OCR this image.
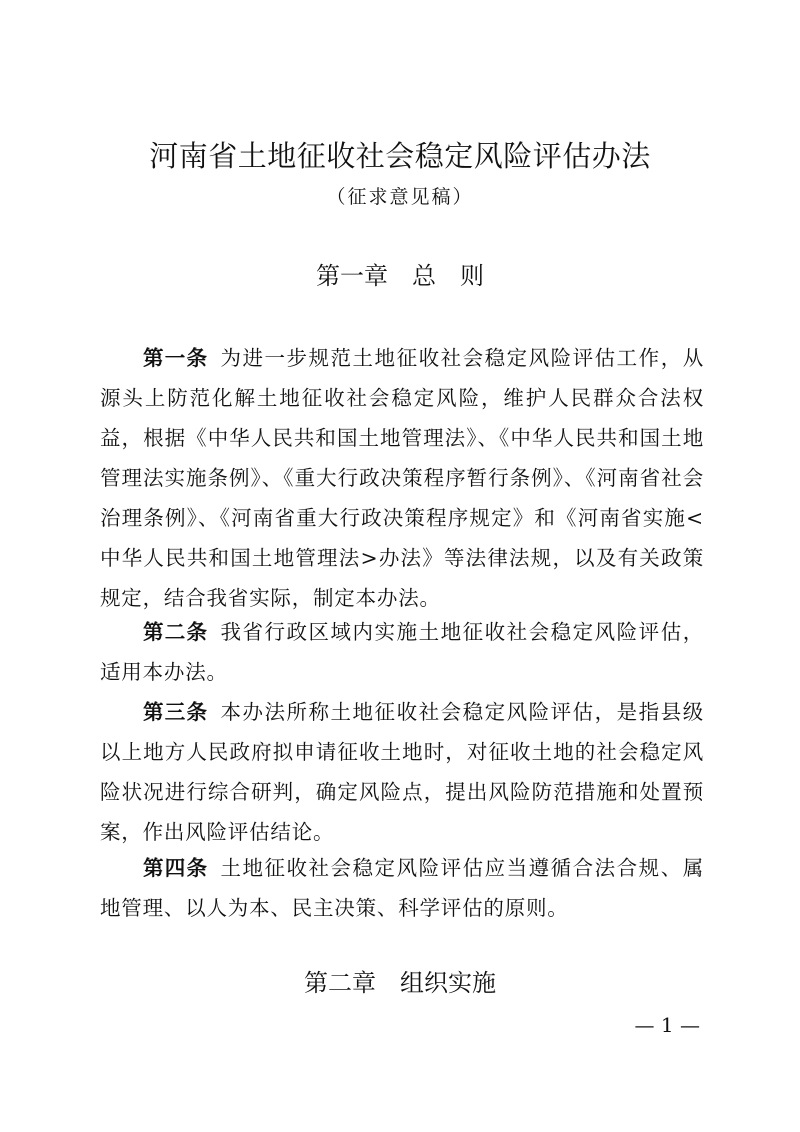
河南省土地征收社会稳定风险评估办法
（征求意见稿）
第一章　总　则

第一条 为进一步规范土地征收社会稳定风险评估工作，从源头上防范化解土地征收社会稳定风险，维护人民群众合法权益，根据《中华人民共和国土地管理法》、《中华人民共和国土地管理法实施条例》、《重大行政决策程序暂行条例》、《河南省社会治理条例》、《河南省重大行政决策程序规定》和《河南省实施<中华人民共和国土地管理法>办法》等法律法规，以及有关政策规定，结合我省实际，制定本办法。

第二条 我省行政区域内实施土地征收社会稳定风险评估，适用本办法。

第三条 本办法所称土地征收社会稳定风险评估，是指县级以上地方人民政府拟申请征收土地时，对征收土地的社会稳定风险状况进行综合研判，确定风险点，提出风险防范措施和处置预案，作出风险评估结论。

第四条 土地征收社会稳定风险评估应当遵循合法合规、属地管理、以人为本、民主决策、科学评估的原则。

第二章　组织实施
— 1 —
